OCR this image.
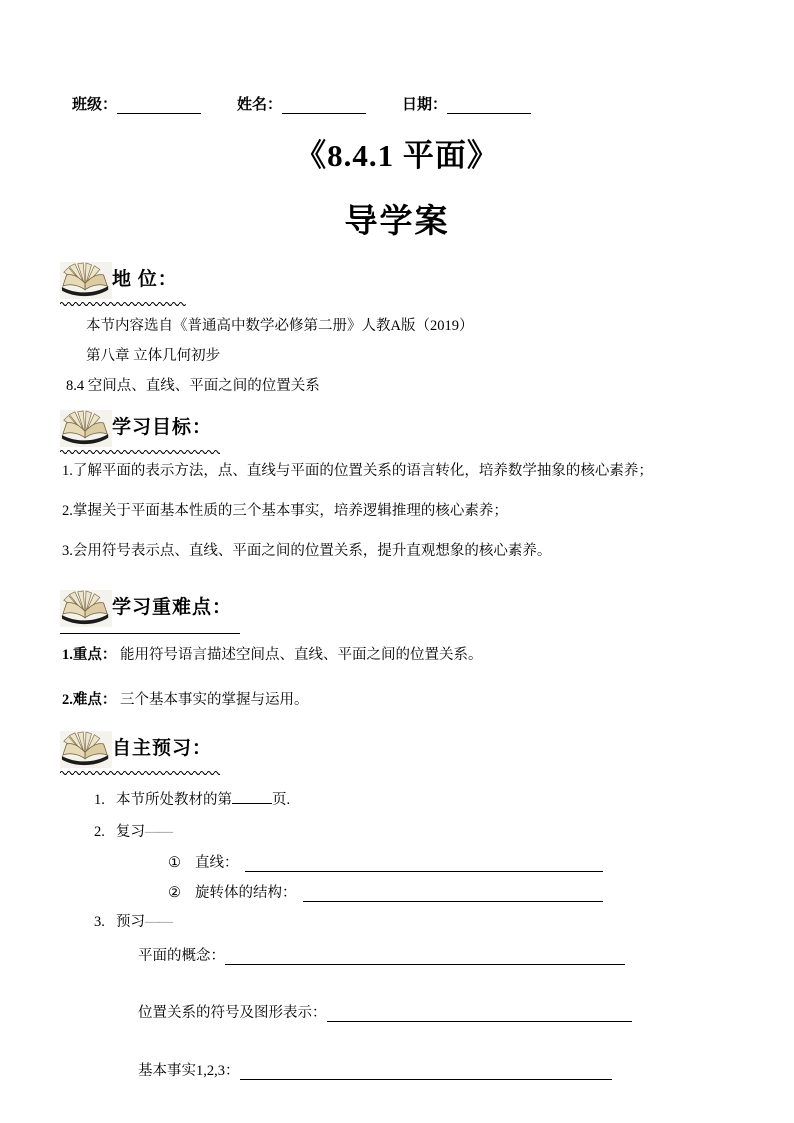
班级：	姓名：	日期：
《8.4.1 平面》
导学案
地 位：
本节内容选自《普通高中数学必修第二册》人教A版（2019）
第八章 立体几何初步
8.4 空间点、直线、平面之间的位置关系
学习目标：
1.了解平面的表示方法，点、直线与平面的位置关系的语言转化，培养数学抽象的核心素养；
2.掌握关于平面基本性质的三个基本事实，培养逻辑推理的核心素养；
3.会用符号表示点、直线、平面之间的位置关系，提升直观想象的核心素养。
学习重难点：
1.重点： 能用符号语言描述空间点、直线、平面之间的位置关系。
2.难点： 三个基本事实的掌握与运用。
自主预习：
1. 本节所处教材的第	页.
2. 复习——
① 直线：
② 旋转体的结构：
3. 预习——
平面的概念：
位置关系的符号及图形表示：
基本事实1,2,3：
